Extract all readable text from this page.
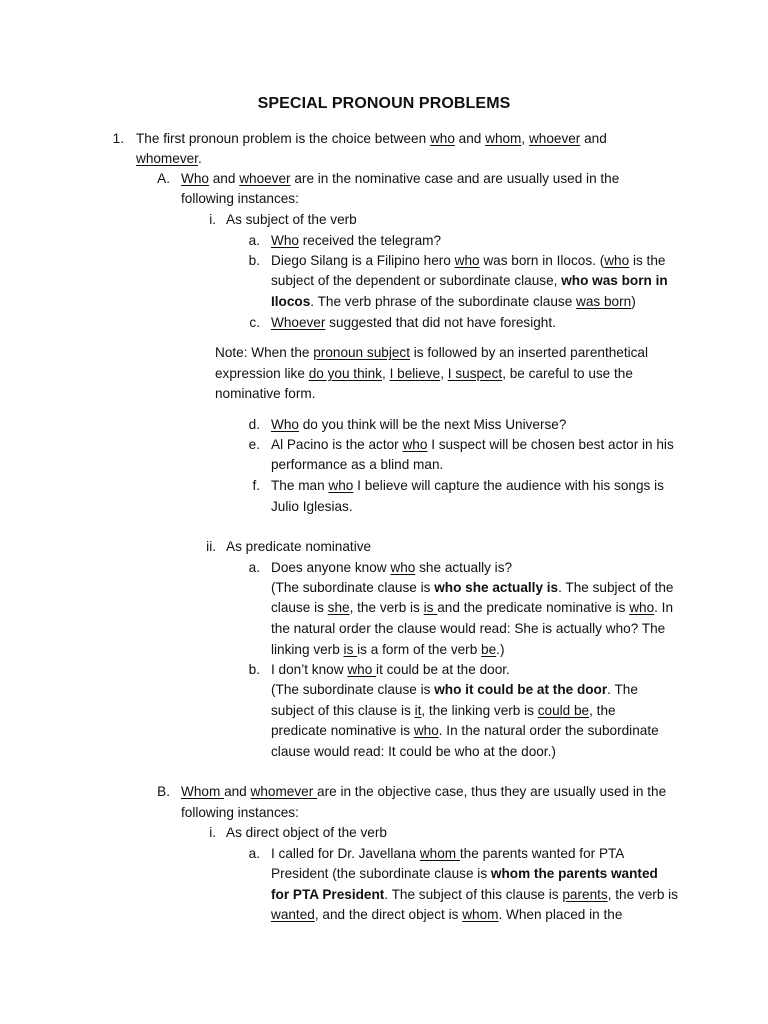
SPECIAL PRONOUN PROBLEMS
1. The first pronoun problem is the choice between who and whom, whoever and
whomever.
A. Who and whoever are in the nominative case and are usually used in the
following instances:
i. As subject of the verb
a. Who received the telegram?
b. Diego Silang is a Filipino hero who was born in Ilocos. (who is the
subject of the dependent or subordinate clause, who was born in
Ilocos. The verb phrase of the subordinate clause was born)
c. Whoever suggested that did not have foresight.
Note: When the pronoun subject is followed by an inserted parenthetical
expression like do you think, I believe, I suspect, be careful to use the
nominative form.
d. Who do you think will be the next Miss Universe?
e. Al Pacino is the actor who I suspect will be chosen best actor in his
performance as a blind man.
f. The man who I believe will capture the audience with his songs is
Julio Iglesias.
ii. As predicate nominative
a. Does anyone know who she actually is?
(The subordinate clause is who she actually is. The subject of the
clause is she, the verb is is and the predicate nominative is who. In
the natural order the clause would read: She is actually who? The
linking verb is is a form of the verb be.)
b. I don’t know who it could be at the door.
(The subordinate clause is who it could be at the door. The
subject of this clause is it, the linking verb is could be, the
predicate nominative is who. In the natural order the subordinate
clause would read: It could be who at the door.)
B. Whom and whomever are in the objective case, thus they are usually used in the
following instances:
i. As direct object of the verb
a. I called for Dr. Javellana whom the parents wanted for PTA
President (the subordinate clause is whom the parents wanted
for PTA President. The subject of this clause is parents, the verb is
wanted, and the direct object is whom. When placed in the
